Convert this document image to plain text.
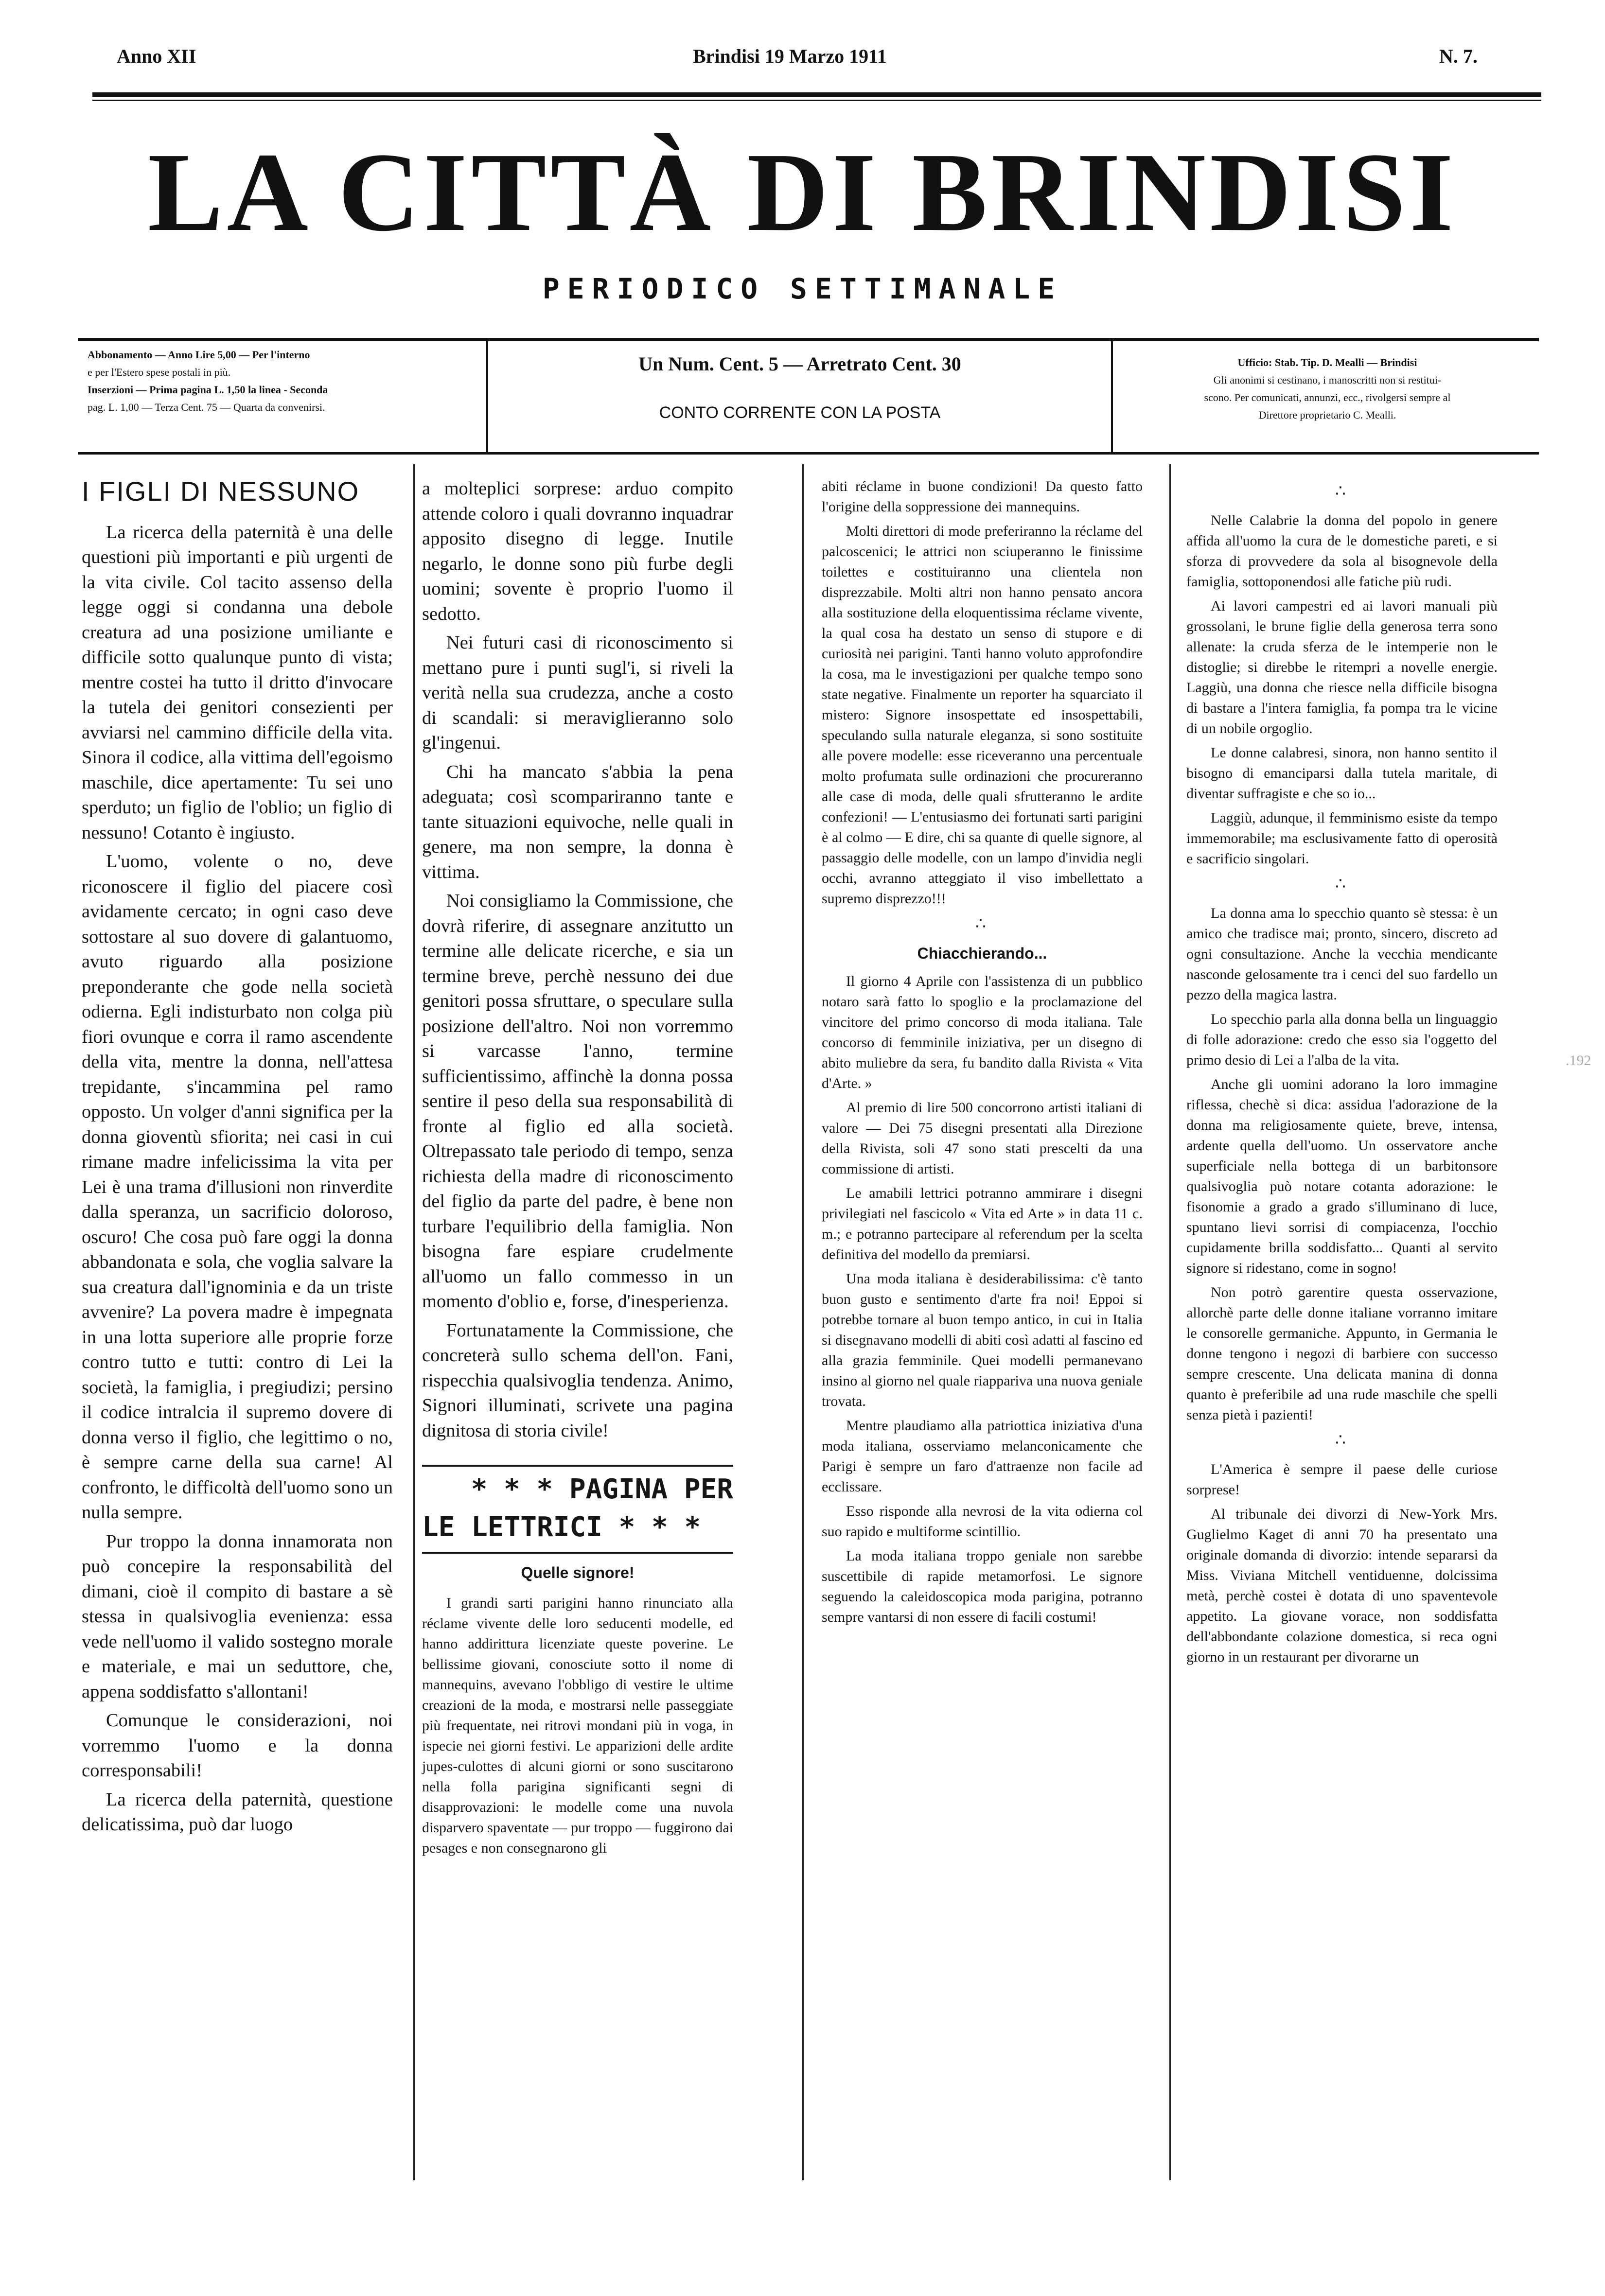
Anno XII	Brindisi 19 Marzo 1911	N. 7.
LA CITTÀ DI BRINDISI
PERIODICO SETTIMANALE
Abbonamento — Anno Lire 5,00 — Per l'interno
e per l'Estero spese postali in più.
Inserzioni — Prima pagina L. 1,50 la linea - Seconda
pag. L. 1,00 — Terza Cent. 75 — Quarta da convenirsi.
Un Num. Cent. 5 — Arretrato Cent. 30
CONTO CORRENTE CON LA POSTA
Ufficio: Stab. Tip. D. Mealli — Brindisi
Gli anonimi si cestinano, i manoscritti non si restitui-
scono. Per comunicati, annunzi, ecc., rivolgersi sempre al
Direttore proprietario C. Mealli.
I FIGLI DI NESSUNO

La ricerca della paternità è una delle questioni più importanti e più urgenti de la vita civile. Col tacito assenso della legge oggi si condanna una debole creatura ad una posizione umiliante e difficile sotto qualunque punto di vista; mentre costei ha tutto il dritto d'invocare la tutela dei genitori consezienti per avviarsi nel cammino difficile della vita. Sinora il codice, alla vittima dell'egoismo maschile, dice apertamente: Tu sei uno sperduto; un figlio de l'oblio; un figlio di nessuno! Cotanto è ingiusto.

L'uomo, volente o no, deve riconoscere il figlio del piacere così avidamente cercato; in ogni caso deve sottostare al suo dovere di galantuomo, avuto riguardo alla posizione preponderante che gode nella società odierna. Egli indisturbato non colga più fiori ovunque e corra il ramo ascendente della vita, mentre la donna, nell'attesa trepidante, s'incammina pel ramo opposto. Un volger d'anni significa per la donna gioventù sfiorita; nei casi in cui rimane madre infelicissima la vita per Lei è una trama d'illusioni non rinverdite dalla speranza, un sacrificio doloroso, oscuro! Che cosa può fare oggi la donna abbandonata e sola, che voglia salvare la sua creatura dall'ignominia e da un triste avvenire? La povera madre è impegnata in una lotta superiore alle proprie forze contro tutto e tutti: contro di Lei la società, la famiglia, i pregiudizi; persino il codice intralcia il supremo dovere di donna verso il figlio, che legittimo o no, è sempre carne della sua carne! Al confronto, le difficoltà dell'uomo sono un nulla sempre.

Pur troppo la donna innamorata non può concepire la responsabilità del dimani, cioè il compito di bastare a sè stessa in qualsivoglia evenienza: essa vede nell'uomo il valido sostegno morale e materiale, e mai un seduttore, che, appena soddisfatto s'allontani!

Comunque le considerazioni, noi vorremmo l'uomo e la donna corresponsabili!

La ricerca della paternità, questione delicatissima, può dar luogo

a molteplici sorprese: arduo compito attende coloro i quali dovranno inquadrar apposito disegno di legge. Inutile negarlo, le donne sono più furbe degli uomini; sovente è proprio l'uomo il sedotto.

Nei futuri casi di riconoscimento si mettano pure i punti sugl'i, si riveli la verità nella sua crudezza, anche a costo di scandali: si meraviglieranno solo gl'ingenui.

Chi ha mancato s'abbia la pena adeguata; così scompariranno tante e tante situazioni equivoche, nelle quali in genere, ma non sempre, la donna è vittima.

Noi consigliamo la Commissione, che dovrà riferire, di assegnare anzitutto un termine alle delicate ricerche, e sia un termine breve, perchè nessuno dei due genitori possa sfruttare, o speculare sulla posizione dell'altro. Noi non vorremmo si varcasse l'anno, termine sufficientissimo, affinchè la donna possa sentire il peso della sua responsabilità di fronte al figlio ed alla società. Oltrepassato tale periodo di tempo, senza richiesta della madre di riconoscimento del figlio da parte del padre, è bene non turbare l'equilibrio della famiglia. Non bisogna fare espiare crudelmente all'uomo un fallo commesso in un momento d'oblio e, forse, d'inesperienza.

Fortunatamente la Commissione, che concreterà sullo schema dell'on. Fani, rispecchia qualsivoglia tendenza. Animo, Signori illuminati, scrivete una pagina dignitosa di storia civile!

* * * PAGINA PER
LE LETTRICI * * *
Quelle signore!

I grandi sarti parigini hanno rinunciato alla réclame vivente delle loro seducenti modelle, ed hanno addirittura licenziate queste poverine. Le bellissime giovani, conosciute sotto il nome di mannequins, avevano l'obbligo di vestire le ultime creazioni de la moda, e mostrarsi nelle passeggiate più frequentate, nei ritrovi mondani più in voga, in ispecie nei giorni festivi. Le apparizioni delle ardite jupes-culottes di alcuni giorni or sono suscitarono nella folla parigina significanti segni di disapprovazioni: le modelle come una nuvola disparvero spaventate — pur troppo — fuggirono dai pesages e non consegnarono gli

abiti réclame in buone condizioni! Da questo fatto l'origine della soppressione dei mannequins.

Molti direttori di mode preferiranno la réclame del palcoscenici; le attrici non sciuperanno le finissime toilettes e costituiranno una clientela non disprezzabile. Molti altri non hanno pensato ancora alla sostituzione della eloquentissima réclame vivente, la qual cosa ha destato un senso di stupore e di curiosità nei parigini. Tanti hanno voluto approfondire la cosa, ma le investigazioni per qualche tempo sono state negative. Finalmente un reporter ha squarciato il mistero: Signore insospettate ed insospettabili, speculando sulla naturale eleganza, si sono sostituite alle povere modelle: esse riceveranno una percentuale molto profumata sulle ordinazioni che procureranno alle case di moda, delle quali sfrutteranno le ardite confezioni! — L'entusiasmo dei fortunati sarti parigini è al colmo — E dire, chi sa quante di quelle signore, al passaggio delle modelle, con un lampo d'invidia negli occhi, avranno atteggiato il viso imbellettato a supremo disprezzo!!!

∴
Chiacchierando...

Il giorno 4 Aprile con l'assistenza di un pubblico notaro sarà fatto lo spoglio e la proclamazione del vincitore del primo concorso di moda italiana. Tale concorso di femminile iniziativa, per un disegno di abito muliebre da sera, fu bandito dalla Rivista « Vita d'Arte. »

Al premio di lire 500 concorrono artisti italiani di valore — Dei 75 disegni presentati alla Direzione della Rivista, soli 47 sono stati prescelti da una commissione di artisti.

Le amabili lettrici potranno ammirare i disegni privilegiati nel fascicolo « Vita ed Arte » in data 11 c. m.; e potranno partecipare al referendum per la scelta definitiva del modello da premiarsi.

Una moda italiana è desiderabilissima: c'è tanto buon gusto e sentimento d'arte fra noi! Eppoi si potrebbe tornare al buon tempo antico, in cui in Italia si disegnavano modelli di abiti così adatti al fascino ed alla grazia femminile. Quei modelli permanevano insino al giorno nel quale riappariva una nuova geniale trovata.

Mentre plaudiamo alla patriottica iniziativa d'una moda italiana, osserviamo melanconicamente che Parigi è sempre un faro d'attraenze non facile ad ecclissare.

Esso risponde alla nevrosi de la vita odierna col suo rapido e multiforme scintillio.

La moda italiana troppo geniale non sarebbe suscettibile di rapide metamorfosi. Le signore seguendo la caleidoscopica moda parigina, potranno sempre vantarsi di non essere di facili costumi!

∴

Nelle Calabrie la donna del popolo in genere affida all'uomo la cura de le domestiche pareti, e si sforza di provvedere da sola al bisognevole della famiglia, sottoponendosi alle fatiche più rudi.

Ai lavori campestri ed ai lavori manuali più grossolani, le brune figlie della generosa terra sono allenate: la cruda sferza de le intemperie non le distoglie; si direbbe le ritempri a novelle energie. Laggiù, una donna che riesce nella difficile bisogna di bastare a l'intera famiglia, fa pompa tra le vicine di un nobile orgoglio.

Le donne calabresi, sinora, non hanno sentito il bisogno di emanciparsi dalla tutela maritale, di diventar suffragiste e che so io...

Laggiù, adunque, il femminismo esiste da tempo immemorabile; ma esclusivamente fatto di operosità e sacrificio singolari.

∴

La donna ama lo specchio quanto sè stessa: è un amico che tradisce mai; pronto, sincero, discreto ad ogni consultazione. Anche la vecchia mendicante nasconde gelosamente tra i cenci del suo fardello un pezzo della magica lastra.

Lo specchio parla alla donna bella un linguaggio di folle adorazione: credo che esso sia l'oggetto del primo desio di Lei a l'alba de la vita.

Anche gli uomini adorano la loro immagine riflessa, chechè si dica: assidua l'adorazione de la donna ma religiosamente quiete, breve, intensa, ardente quella dell'uomo. Un osservatore anche superficiale nella bottega di un barbitonsore qualsivoglia può notare cotanta adorazione: le fisonomie a grado a grado s'illuminano di luce, spuntano lievi sorrisi di compiacenza, l'occhio cupidamente brilla soddisfatto... Quanti al servito signore si ridestano, come in sogno!

Non potrò garentire questa osservazione, allorchè parte delle donne italiane vorranno imitare le consorelle germaniche. Appunto, in Germania le donne tengono i negozi di barbiere con successo sempre crescente. Una delicata manina di donna quanto è preferibile ad una rude maschile che spelli senza pietà i pazienti!

∴

L'America è sempre il paese delle curiose sorprese!

Al tribunale dei divorzi di New-York Mrs. Guglielmo Kaget di anni 70 ha presentato una originale domanda di divorzio: intende separarsi da Miss. Viviana Mitchell ventiduenne, dolcissima metà, perchè costei è dotata di uno spaventevole appetito. La giovane vorace, non soddisfatta dell'abbondante colazione domestica, si reca ogni giorno in un restaurant per divorarne un

.192
